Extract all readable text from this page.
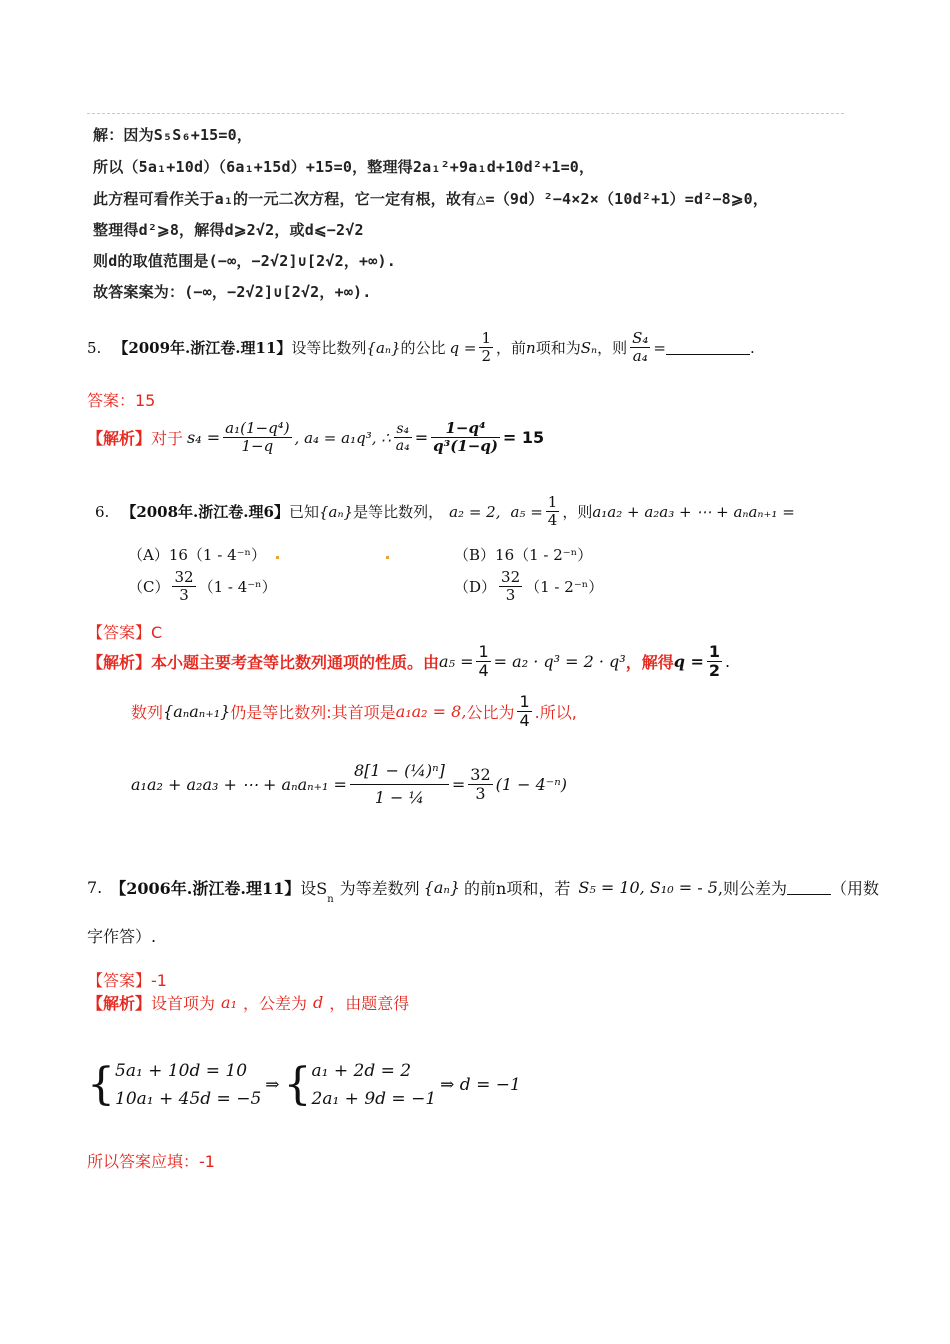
解：因为S₅S₆+15=0，
所以（5a₁+10d）（6a₁+15d）+15=0，整理得2a₁²+9a₁d+10d²+1=0，
此方程可看作关于a₁的一元二次方程，它一定有根，故有△=（9d）²−4×2×（10d²+1）=d²−8⩾0，
整理得d²⩾8，解得d⩾2√2，或d⩽−2√2
则d的取值范围是(−∞，−2√2]∪[2√2，+∞).
故答案案为：(−∞，−2√2]∪[2√2，+∞).
5. 【2009年.浙江卷.理11】 设等比数列 {aₙ} 的公比 $q = \frac{1}{2}$ ，前 n 项和为 Sₙ ，则 $\frac{\text{S₄}}{\text{a₄}}$ =	.
答案：15
【解析】 对于 $s_4 = \frac{\text{a₁(1−q⁴)}}{1-q}$ , a₄ = a₁q³, ∴ $\frac{\text{s₄}}{\text{a₄}} = \frac{\text{1−q⁴}}{\text{q³(1−q)}} = 15$
6. 【2008年.浙江卷.理6】 已知 {aₙ} 是等比数列， a₂ = 2, $a_5 = \frac{1}{4}$ ，则 a₁a₂ + a₂a₃ + ⋯ + aₙaₙ₊₁ =
（A）16（1 - 4⁻ⁿ）	（B）16（1 - 2⁻ⁿ）
$(C) \frac{32}{3} (1 - 4^{-n})$	$(D) \frac{32}{3} (1 - 2^{-n})$
【答案】C
【解析】 本小题主要考查等比数列通项的性质。由 $a_5 = \frac{1}{4} = a_2 \cdot q^3 = 2 \cdot q^3$ ，解得 $q = \frac{1}{2}$ .
数列 {aₙaₙ₊₁} 仍是等比数列:其首项是 a₁a₂ = 8, 公比为 $\frac{1}{4}$ .所以,
a₁a₂ + a₂a₃ + ⋯ + $a_na_{n+1} = \frac{\text{8[1 − (¼)ⁿ]}}{\text{1 − ¼}} = \frac{32}{3} (1 - 4^{-n})$
7. 【2006年.浙江卷.理11】 设S
$_n$
为等差数列 {aₙ} 的前n项和，若 S₅ = 10, S₁₀ = - 5 ,则公差为	（用数
字作答）.
【答案】-1
【解析】 设首项为 a₁ ，公差为 d ，由题意得
{ 5a₁ + 10d = 10
10a₁ + 45d = −5
⇒ { a₁ + 2d = 2
2a₁ + 9d = −1
⇒ d = −1
所以答案应填：-1
